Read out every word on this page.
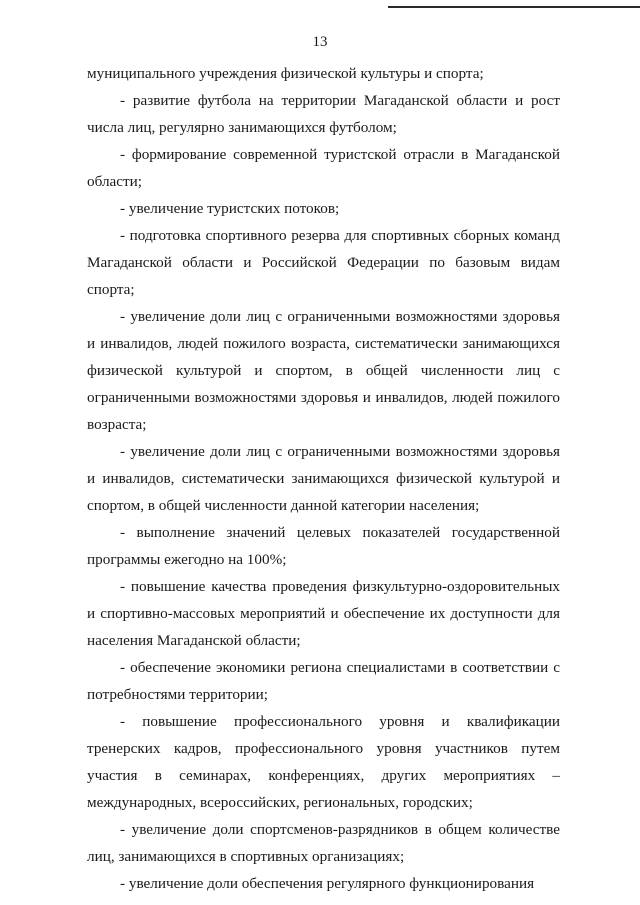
13

муниципального учреждения физической культуры и спорта;

- развитие футбола на территории Магаданской области и рост числа лиц, регулярно занимающихся футболом;

- формирование современной туристской отрасли в Магаданской области;

- увеличение туристских потоков;

- подготовка спортивного резерва для спортивных сборных команд Магаданской области и Российской Федерации по базовым видам спорта;

- увеличение доли лиц с ограниченными возможностями здоровья и инвалидов, людей пожилого возраста, систематически занимающихся физической культурой и спортом, в общей численности лиц с ограниченными возможностями здоровья и инвалидов, людей пожилого возраста;

- увеличение доли лиц с ограниченными возможностями здоровья и инвалидов, систематически занимающихся физической культурой и спортом, в общей численности данной категории населения;

- выполнение значений целевых показателей государственной программы ежегодно на 100%;

- повышение качества проведения физкультурно-оздоровительных и спортивно-массовых мероприятий и обеспечение их доступности для населения Магаданской области;

- обеспечение экономики региона специалистами в соответствии с потребностями территории;

- повышение профессионального уровня и квалификации тренерских кадров, профессионального уровня участников путем участия в семинарах, конференциях, других мероприятиях – международных, всероссийских, региональных, городских;

- увеличение доли спортсменов-разрядников в общем количестве лиц, занимающихся в спортивных организациях;

- увеличение доли обеспечения регулярного функционирования
